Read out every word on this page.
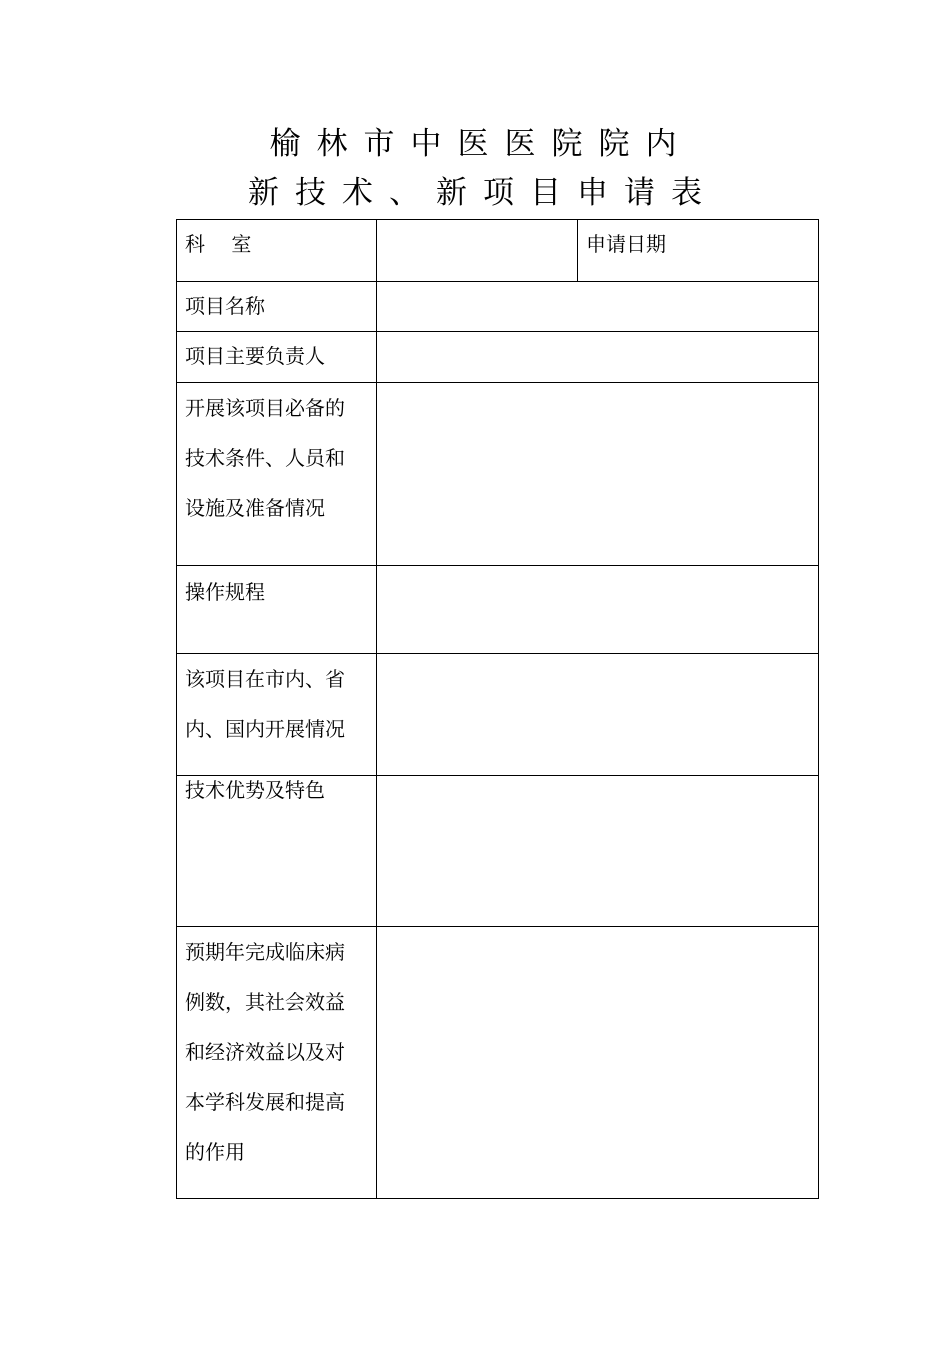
榆 林 市 中 医 医 院 院 内
新 技 术 、 新 项 目 申 请 表
科　 室		申请日期

项目名称		

项目主要负责人		

开展该项目必备的
技术条件、人员和
设施及准备情况		

操作规程		

该项目在市内、省
内、国内开展情况		

技术优势及特色		

预期年完成临床病
例数，其社会效益
和经济效益以及对
本学科发展和提高
的作用		
